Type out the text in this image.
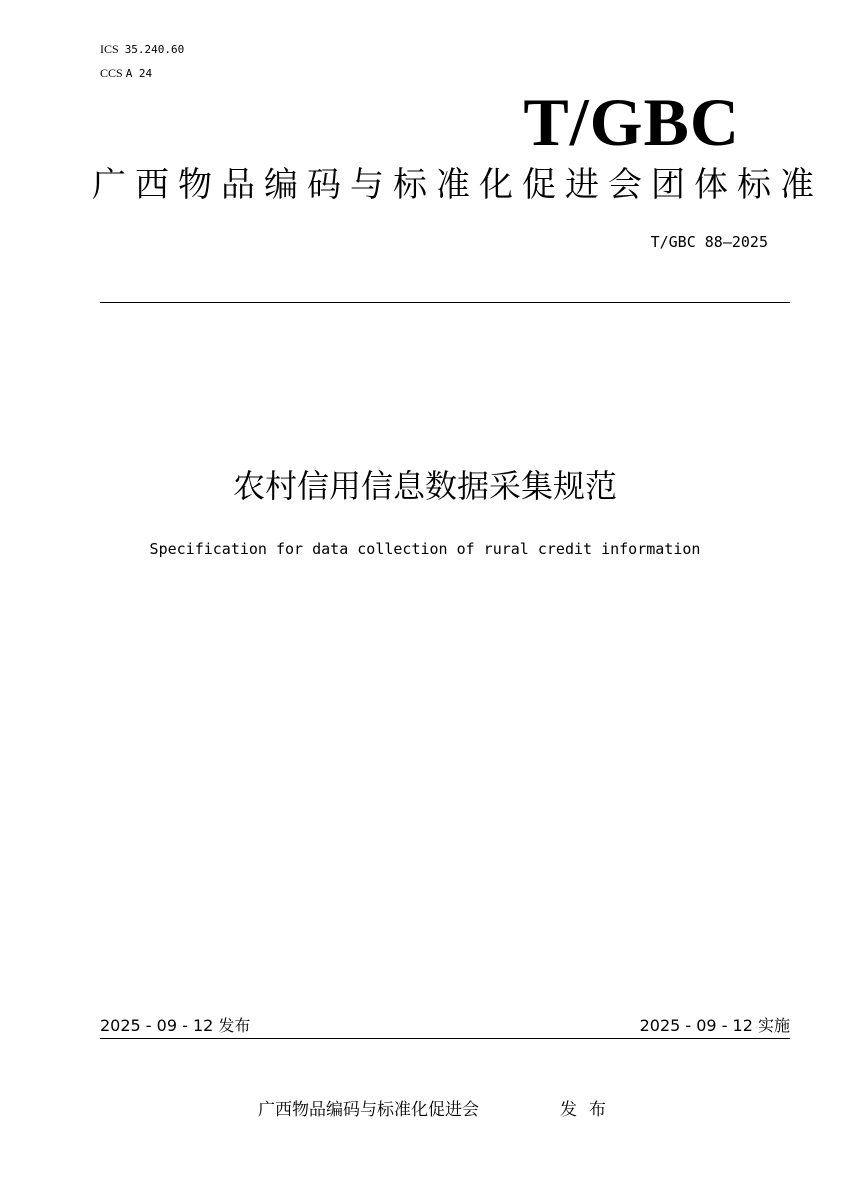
ICS 35.240.60
CCS A 24
T/GBC
广西物品编码与标准化促进会团体标准
T/GBC 88—2025
农村信用信息数据采集规范
Specification for data collection of rural credit information
2025 - 09 - 12 发布	2025 - 09 - 12 实施
广西物品编码与标准化促进会	发布
